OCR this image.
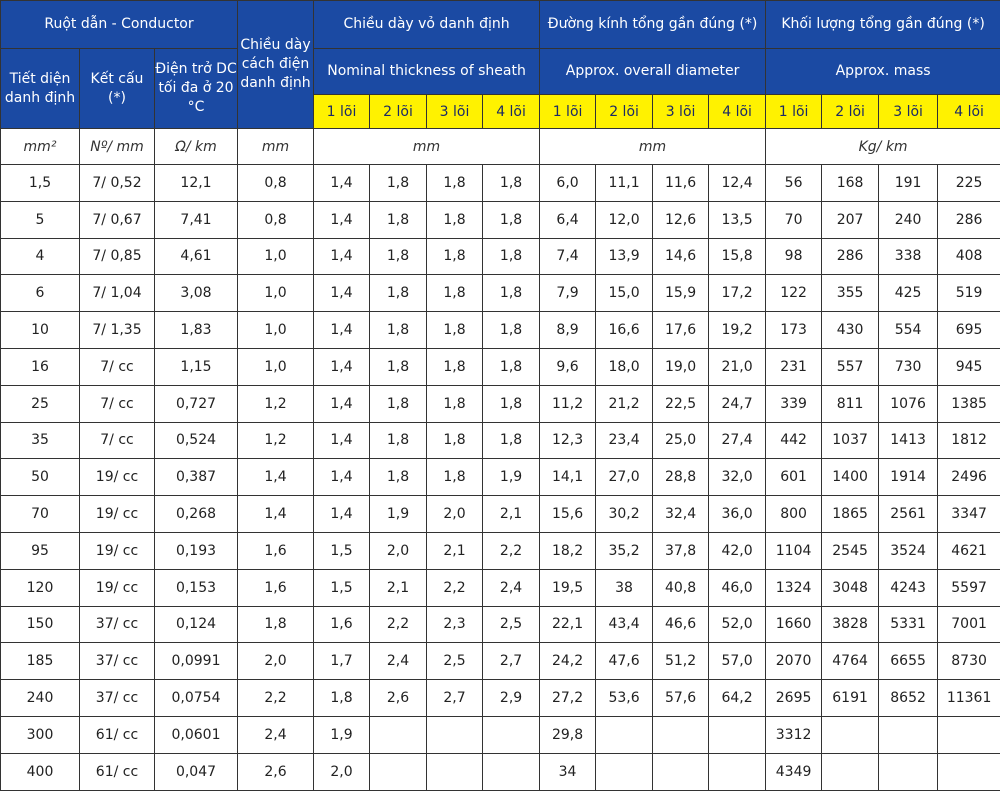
Ruột dẫn - Conductor			Chiều dày cách điện danh định	Chiều dày vỏ danh định				Đường kính tổng gần đúng (*)				Khối lượng tổng gần đúng (*)			
Tiết diện danh định	Kết cấu (*)	Điện trở DC tối đa ở 20 °C		Nominal thickness of sheath				Approx. overall diameter				Approx. mass			
				1 lõi	2 lõi	3 lõi	4 lõi	1 lõi	2 lõi	3 lõi	4 lõi	1 lõi	2 lõi	3 lõi	4 lõi
mm²	Nº/ mm	Ω/ km	mm	mm				mm				Kg/ km			
1,5	7/ 0,52	12,1	0,8	1,4	1,8	1,8	1,8	6,0	11,1	11,6	12,4	56	168	191	225
5	7/ 0,67	7,41	0,8	1,4	1,8	1,8	1,8	6,4	12,0	12,6	13,5	70	207	240	286
4	7/ 0,85	4,61	1,0	1,4	1,8	1,8	1,8	7,4	13,9	14,6	15,8	98	286	338	408
6	7/ 1,04	3,08	1,0	1,4	1,8	1,8	1,8	7,9	15,0	15,9	17,2	122	355	425	519
10	7/ 1,35	1,83	1,0	1,4	1,8	1,8	1,8	8,9	16,6	17,6	19,2	173	430	554	695
16	7/ cc	1,15	1,0	1,4	1,8	1,8	1,8	9,6	18,0	19,0	21,0	231	557	730	945
25	7/ cc	0,727	1,2	1,4	1,8	1,8	1,8	11,2	21,2	22,5	24,7	339	811	1076	1385
35	7/ cc	0,524	1,2	1,4	1,8	1,8	1,8	12,3	23,4	25,0	27,4	442	1037	1413	1812
50	19/ cc	0,387	1,4	1,4	1,8	1,8	1,9	14,1	27,0	28,8	32,0	601	1400	1914	2496
70	19/ cc	0,268	1,4	1,4	1,9	2,0	2,1	15,6	30,2	32,4	36,0	800	1865	2561	3347
95	19/ cc	0,193	1,6	1,5	2,0	2,1	2,2	18,2	35,2	37,8	42,0	1104	2545	3524	4621
120	19/ cc	0,153	1,6	1,5	2,1	2,2	2,4	19,5	38	40,8	46,0	1324	3048	4243	5597
150	37/ cc	0,124	1,8	1,6	2,2	2,3	2,5	22,1	43,4	46,6	52,0	1660	3828	5331	7001
185	37/ cc	0,0991	2,0	1,7	2,4	2,5	2,7	24,2	47,6	51,2	57,0	2070	4764	6655	8730
240	37/ cc	0,0754	2,2	1,8	2,6	2,7	2,9	27,2	53,6	57,6	64,2	2695	6191	8652	11361
300	61/ cc	0,0601	2,4	1,9				29,8				3312			
400	61/ cc	0,047	2,6	2,0				34				4349			
